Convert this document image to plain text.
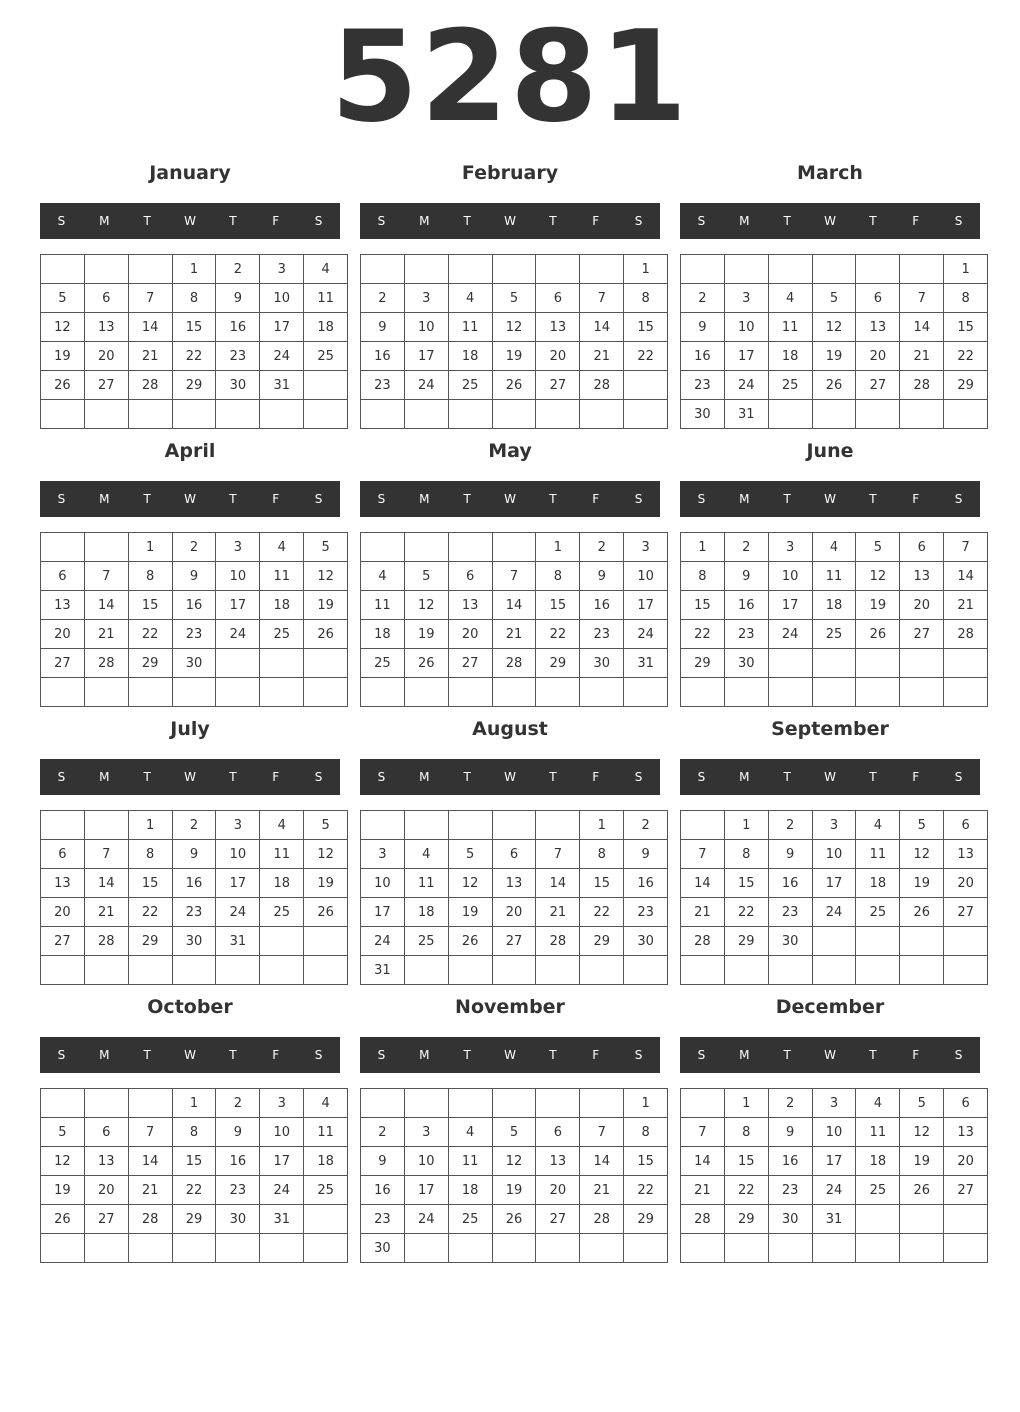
5281
January
S	M	T	W	T	F	S
			1	2	3	4
5	6	7	8	9	10	11
12	13	14	15	16	17	18
19	20	21	22	23	24	25
26	27	28	29	30	31	

February
S	M	T	W	T	F	S
						1
2	3	4	5	6	7	8
9	10	11	12	13	14	15
16	17	18	19	20	21	22
23	24	25	26	27	28	

March
S	M	T	W	T	F	S
						1
2	3	4	5	6	7	8
9	10	11	12	13	14	15
16	17	18	19	20	21	22
23	24	25	26	27	28	29
30	31					
April
S	M	T	W	T	F	S
		1	2	3	4	5
6	7	8	9	10	11	12
13	14	15	16	17	18	19
20	21	22	23	24	25	26
27	28	29	30			

May
S	M	T	W	T	F	S
				1	2	3
4	5	6	7	8	9	10
11	12	13	14	15	16	17
18	19	20	21	22	23	24
25	26	27	28	29	30	31

June
S	M	T	W	T	F	S
1	2	3	4	5	6	7
8	9	10	11	12	13	14
15	16	17	18	19	20	21
22	23	24	25	26	27	28
29	30					

July
S	M	T	W	T	F	S
		1	2	3	4	5
6	7	8	9	10	11	12
13	14	15	16	17	18	19
20	21	22	23	24	25	26
27	28	29	30	31		

August
S	M	T	W	T	F	S
					1	2
3	4	5	6	7	8	9
10	11	12	13	14	15	16
17	18	19	20	21	22	23
24	25	26	27	28	29	30
31						
September
S	M	T	W	T	F	S
	1	2	3	4	5	6
7	8	9	10	11	12	13
14	15	16	17	18	19	20
21	22	23	24	25	26	27
28	29	30				

October
S	M	T	W	T	F	S
			1	2	3	4
5	6	7	8	9	10	11
12	13	14	15	16	17	18
19	20	21	22	23	24	25
26	27	28	29	30	31	

November
S	M	T	W	T	F	S
						1
2	3	4	5	6	7	8
9	10	11	12	13	14	15
16	17	18	19	20	21	22
23	24	25	26	27	28	29
30						
December
S	M	T	W	T	F	S
	1	2	3	4	5	6
7	8	9	10	11	12	13
14	15	16	17	18	19	20
21	22	23	24	25	26	27
28	29	30	31			
